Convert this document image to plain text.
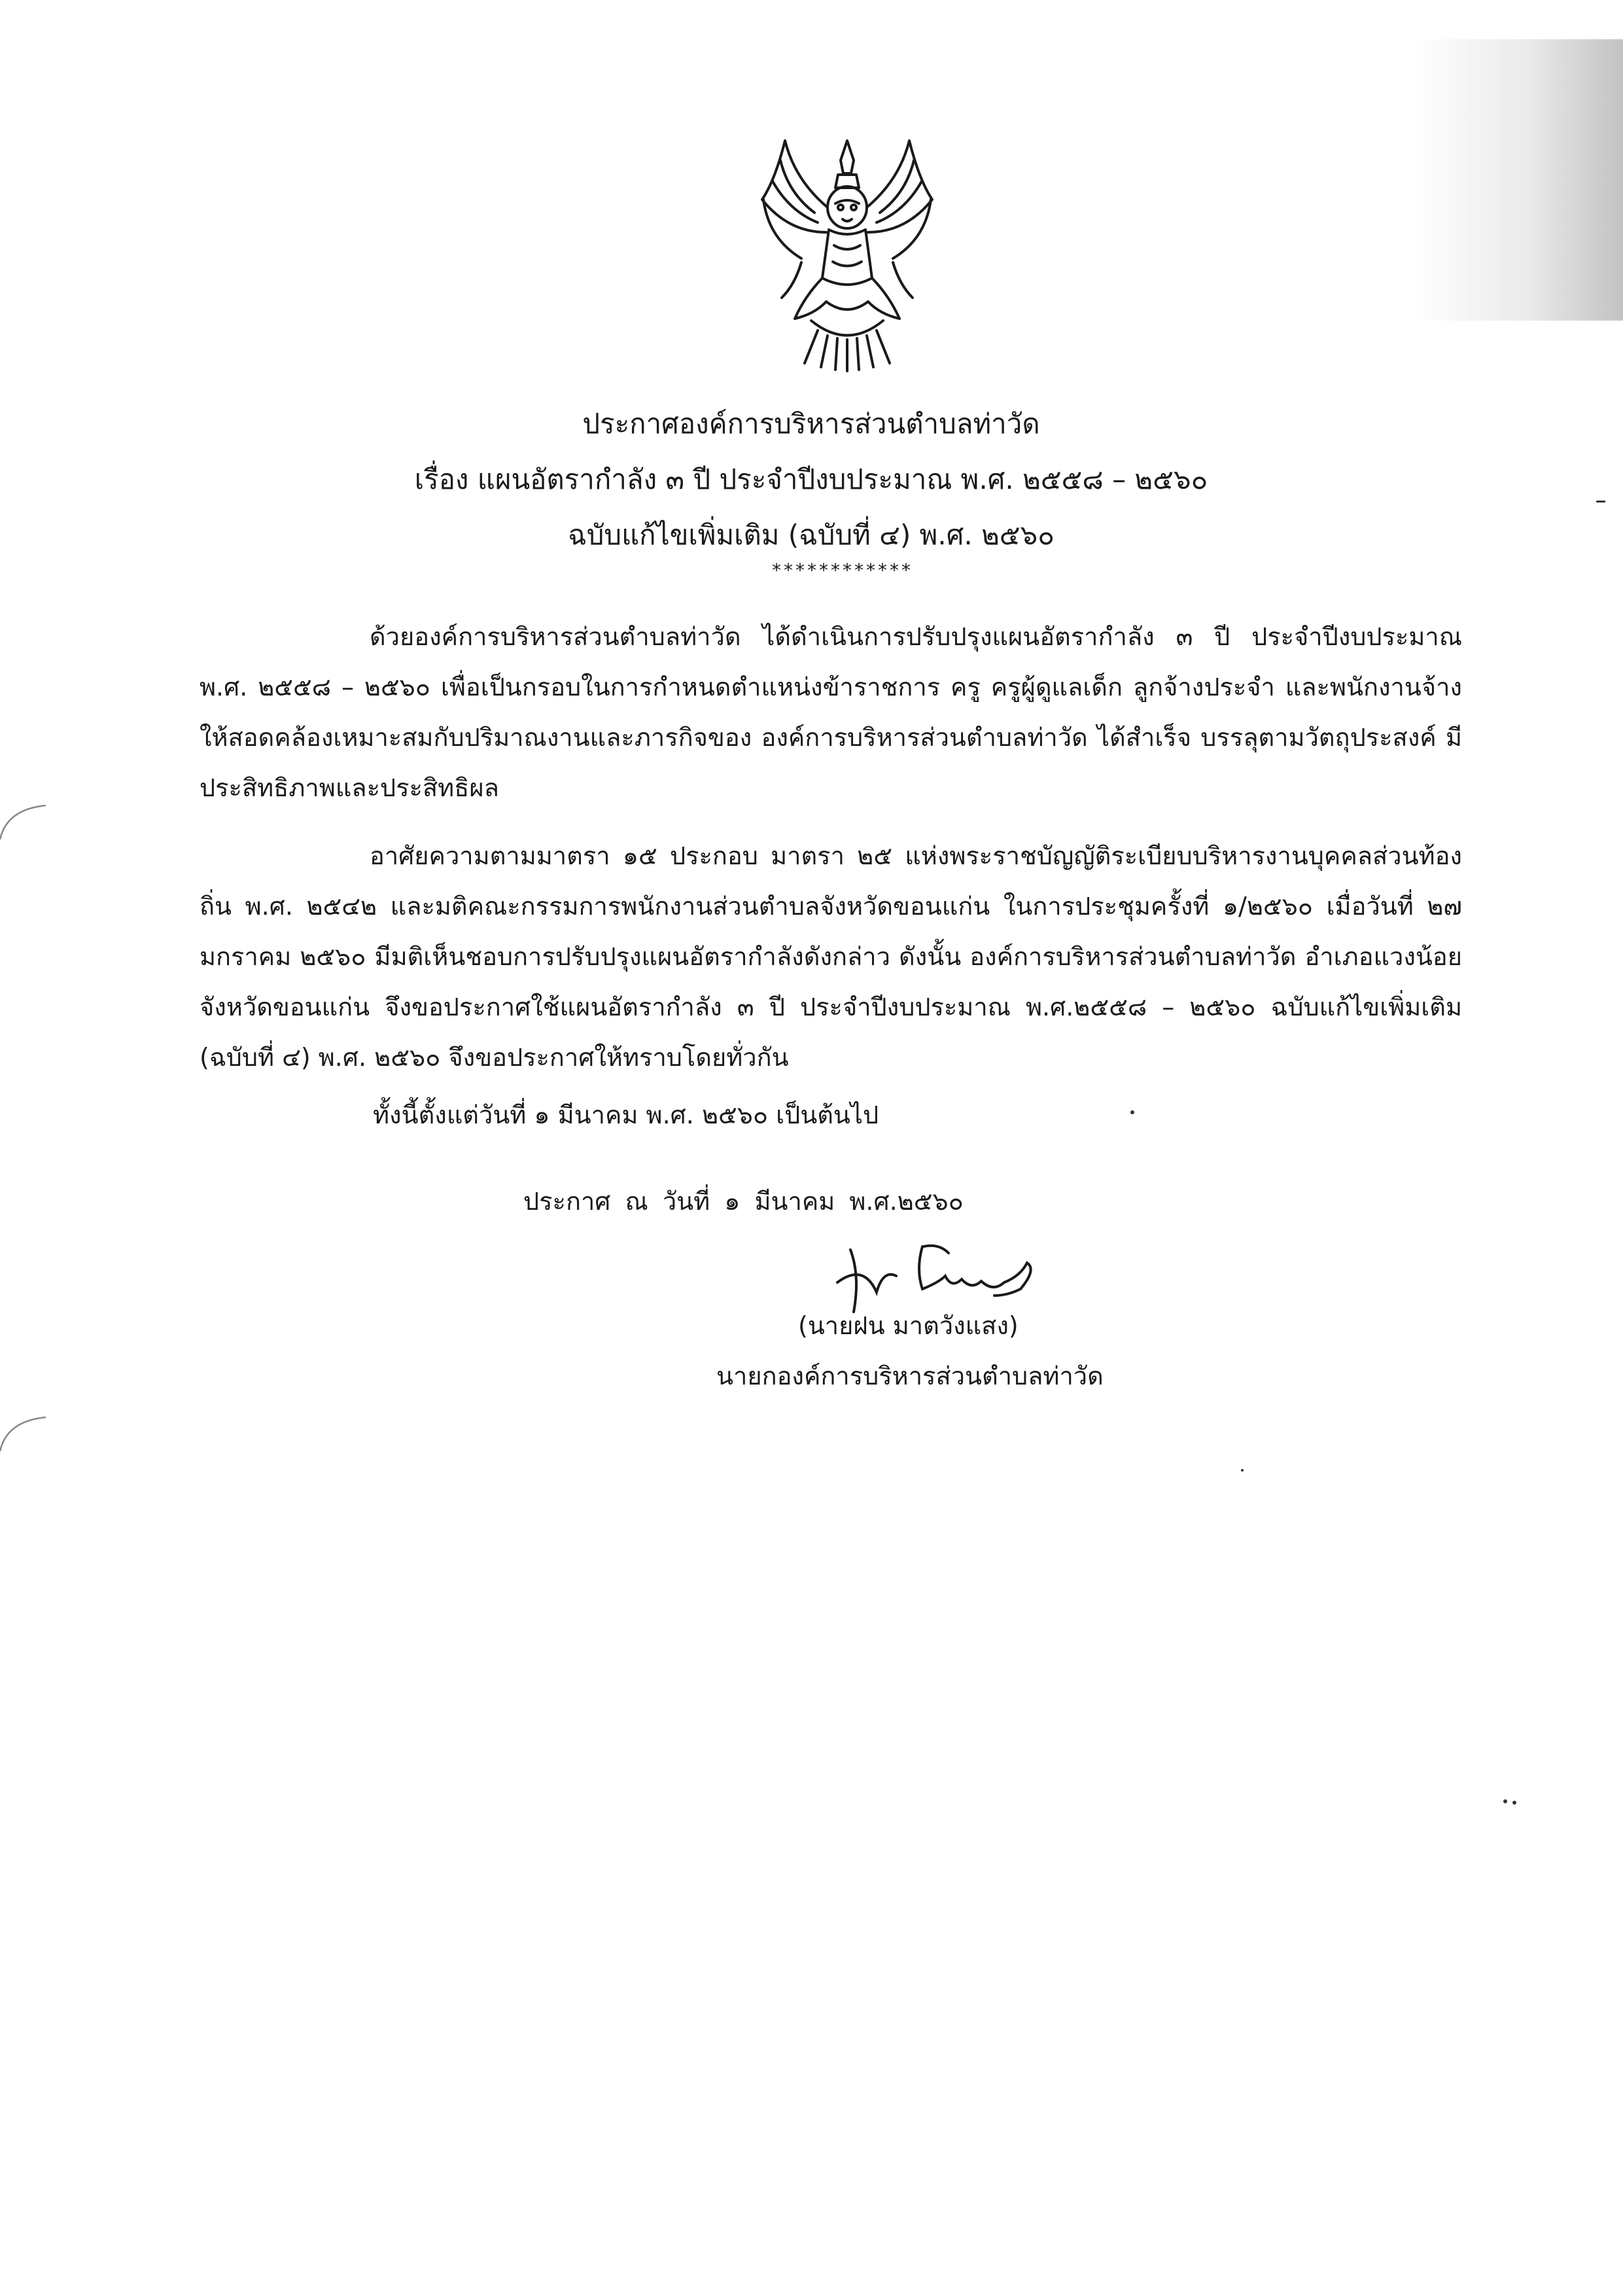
ประกาศองค์การบริหารส่วนตำบลท่าวัด
เรื่อง แผนอัตรากำลัง ๓ ปี ประจำปีงบประมาณ พ.ศ. ๒๕๕๘ – ๒๕๖๐
ฉบับแก้ไขเพิ่มเติม (ฉบับที่ ๔) พ.ศ. ๒๕๖๐
************

ด้วยองค์การบริหารส่วนตำบลท่าวัด ได้ดำเนินการปรับปรุงแผนอัตรากำลัง ๓ ปี ประจำปีงบประมาณ พ.ศ. ๒๕๕๘ – ๒๕๖๐ เพื่อเป็นกรอบในการกำหนดตำแหน่งข้าราชการ ครู ครูผู้ดูแลเด็ก ลูกจ้างประจำ และพนักงานจ้าง ให้สอดคล้องเหมาะสมกับปริมาณงานและภารกิจของ องค์การบริหารส่วนตำบลท่าวัด ได้สำเร็จ บรรลุตามวัตถุประสงค์ มีประสิทธิภาพและประสิทธิผล

อาศัยความตามมาตรา ๑๕ ประกอบ มาตรา ๒๕ แห่งพระราชบัญญัติระเบียบบริหารงานบุคคลส่วนท้องถิ่น พ.ศ. ๒๕๔๒ และมติคณะกรรมการพนักงานส่วนตำบลจังหวัดขอนแก่น ในการประชุมครั้งที่ ๑/๒๕๖๐ เมื่อวันที่ ๒๗ มกราคม ๒๕๖๐ มีมติเห็นชอบการปรับปรุงแผนอัตรากำลังดังกล่าว ดังนั้น องค์การบริหารส่วนตำบลท่าวัด อำเภอแวงน้อย จังหวัดขอนแก่น จึงขอประกาศใช้แผนอัตรากำลัง ๓ ปี ประจำปีงบประมาณ พ.ศ.๒๕๕๘ – ๒๕๖๐ ฉบับแก้ไขเพิ่มเติม (ฉบับที่ ๔) พ.ศ. ๒๕๖๐ จึงขอประกาศให้ทราบโดยทั่วกัน

ทั้งนี้ตั้งแต่วันที่ ๑ มีนาคม พ.ศ. ๒๕๖๐ เป็นต้นไป
ประกาศ ณ วันที่ ๑ มีนาคม พ.ศ.๒๕๖๐
(นายฝน มาตวังแสง)
นายกองค์การบริหารส่วนตำบลท่าวัด
